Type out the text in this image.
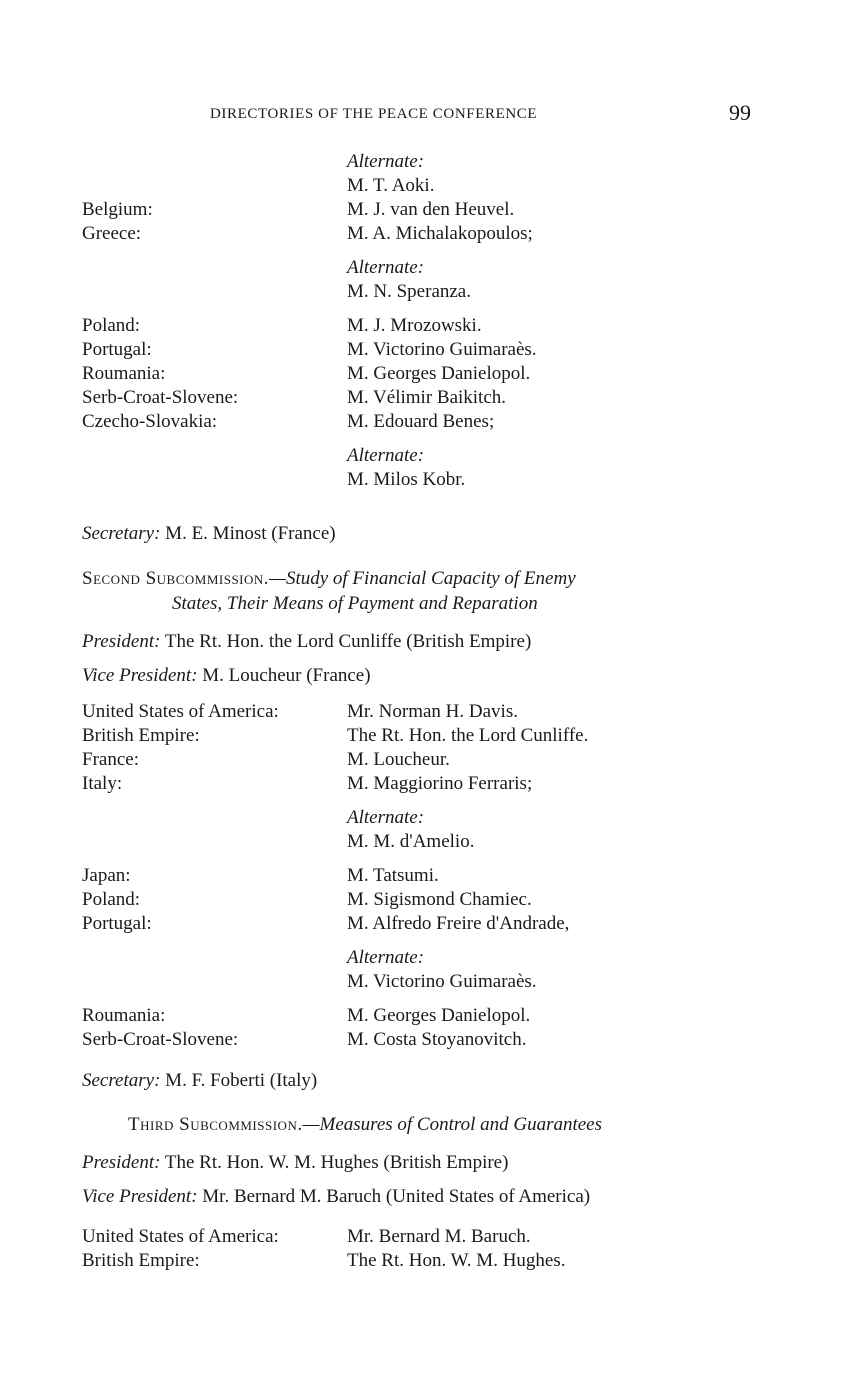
DIRECTORIES OF THE PEACE CONFERENCE	99
Alternate:
M. T. Aoki.
Belgium:	M. J. van den Heuvel.
Greece:	M. A. Michalakopoulos;
Alternate:
M. N. Speranza.
Poland:	M. J. Mrozowski.
Portugal:	M. Victorino Guimaraès.
Roumania:	M. Georges Danielopol.
Serb-Croat-Slovene:	M. Vélimir Baikitch.
Czecho-Slovakia:	M. Edouard Benes;
Alternate:
M. Milos Kobr.
Secretary: M. E. Minost (France)
Second Subcommission.—Study of Financial Capacity of Enemy
States, Their Means of Payment and Reparation
President: The Rt. Hon. the Lord Cunliffe (British Empire)
Vice President: M. Loucheur (France)
United States of America:	Mr. Norman H. Davis.
British Empire:	The Rt. Hon. the Lord Cunliffe.
France:	M. Loucheur.
Italy:	M. Maggiorino Ferraris;
Alternate:
M. M. d'Amelio.
Japan:	M. Tatsumi.
Poland:	M. Sigismond Chamiec.
Portugal:	M. Alfredo Freire d'Andrade,
Alternate:
M. Victorino Guimaraès.
Roumania:	M. Georges Danielopol.
Serb-Croat-Slovene:	M. Costa Stoyanovitch.
Secretary: M. F. Foberti (Italy)
Third Subcommission.—Measures of Control and Guarantees
President: The Rt. Hon. W. M. Hughes (British Empire)
Vice President: Mr. Bernard M. Baruch (United States of America)
United States of America:	Mr. Bernard M. Baruch.
British Empire:	The Rt. Hon. W. M. Hughes.
